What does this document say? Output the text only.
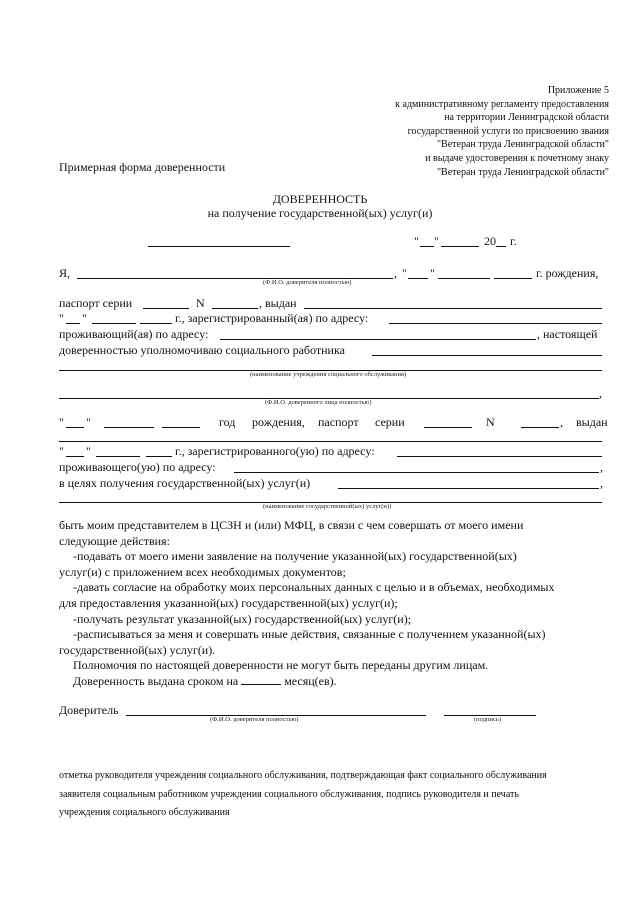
Приложение 5
к административному регламенту предоставления
на территории Ленинградской области
государственной услуги по присвоению звания
"Ветеран труда Ленинградской области"
и выдаче удостоверения к почетному знаку
"Ветеран труда Ленинградской области"
Примерная форма доверенности
ДОВЕРЕННОСТЬ
на получение государственной(ых) услуг(и)
" "	20 г.
Я,
(Ф.И.О. доверителя полностью)
, " "	г. рождения,
паспорт серии	N	, выдан
" "	г., зарегистрированный(ая) по адресу:
проживающий(ая) по адресу:	, настоящей
доверенностью уполномочиваю социального работника
(наименование учреждения социального обслуживания)
,
(Ф.И.О. доверенного лица полностью)
" "	год рождения, паспорт серии	N	, выдан
" "	г., зарегистрированного(ую) по адресу:
проживающего(ую) по адресу:	,
в целях получения государственной(ых) услуг(и)	,
(наименование государственной(ых) услуг(и))
быть моим представителем в ЦСЗН и (или) МФЦ, в связи с чем совершать от моего имени
следующие действия:
-подавать от моего имени заявление на получение указанной(ых) государственной(ых)
услуг(и) с приложением всех необходимых документов;
-давать согласие на обработку моих персональных данных с целью и в объемах, необходимых
для предоставления указанной(ых) государственной(ых) услуг(и);
-получать результат указанной(ых) государственной(ых) услуг(и);
-расписываться за меня и совершать иные действия, связанные с получением указанной(ых)
государственной(ых) услуг(и).
Полномочия по настоящей доверенности не могут быть переданы другим лицам.
Доверенность выдана сроком на	месяц(ев).
Доверитель
(Ф.И.О. доверителя полностью)	(подпись)
отметка руководителя учреждения социального обслуживания, подтверждающая факт социального обслуживания
заявителя социальным работником учреждения социального обслуживания, подпись руководителя и печать
учреждения социального обслуживания
